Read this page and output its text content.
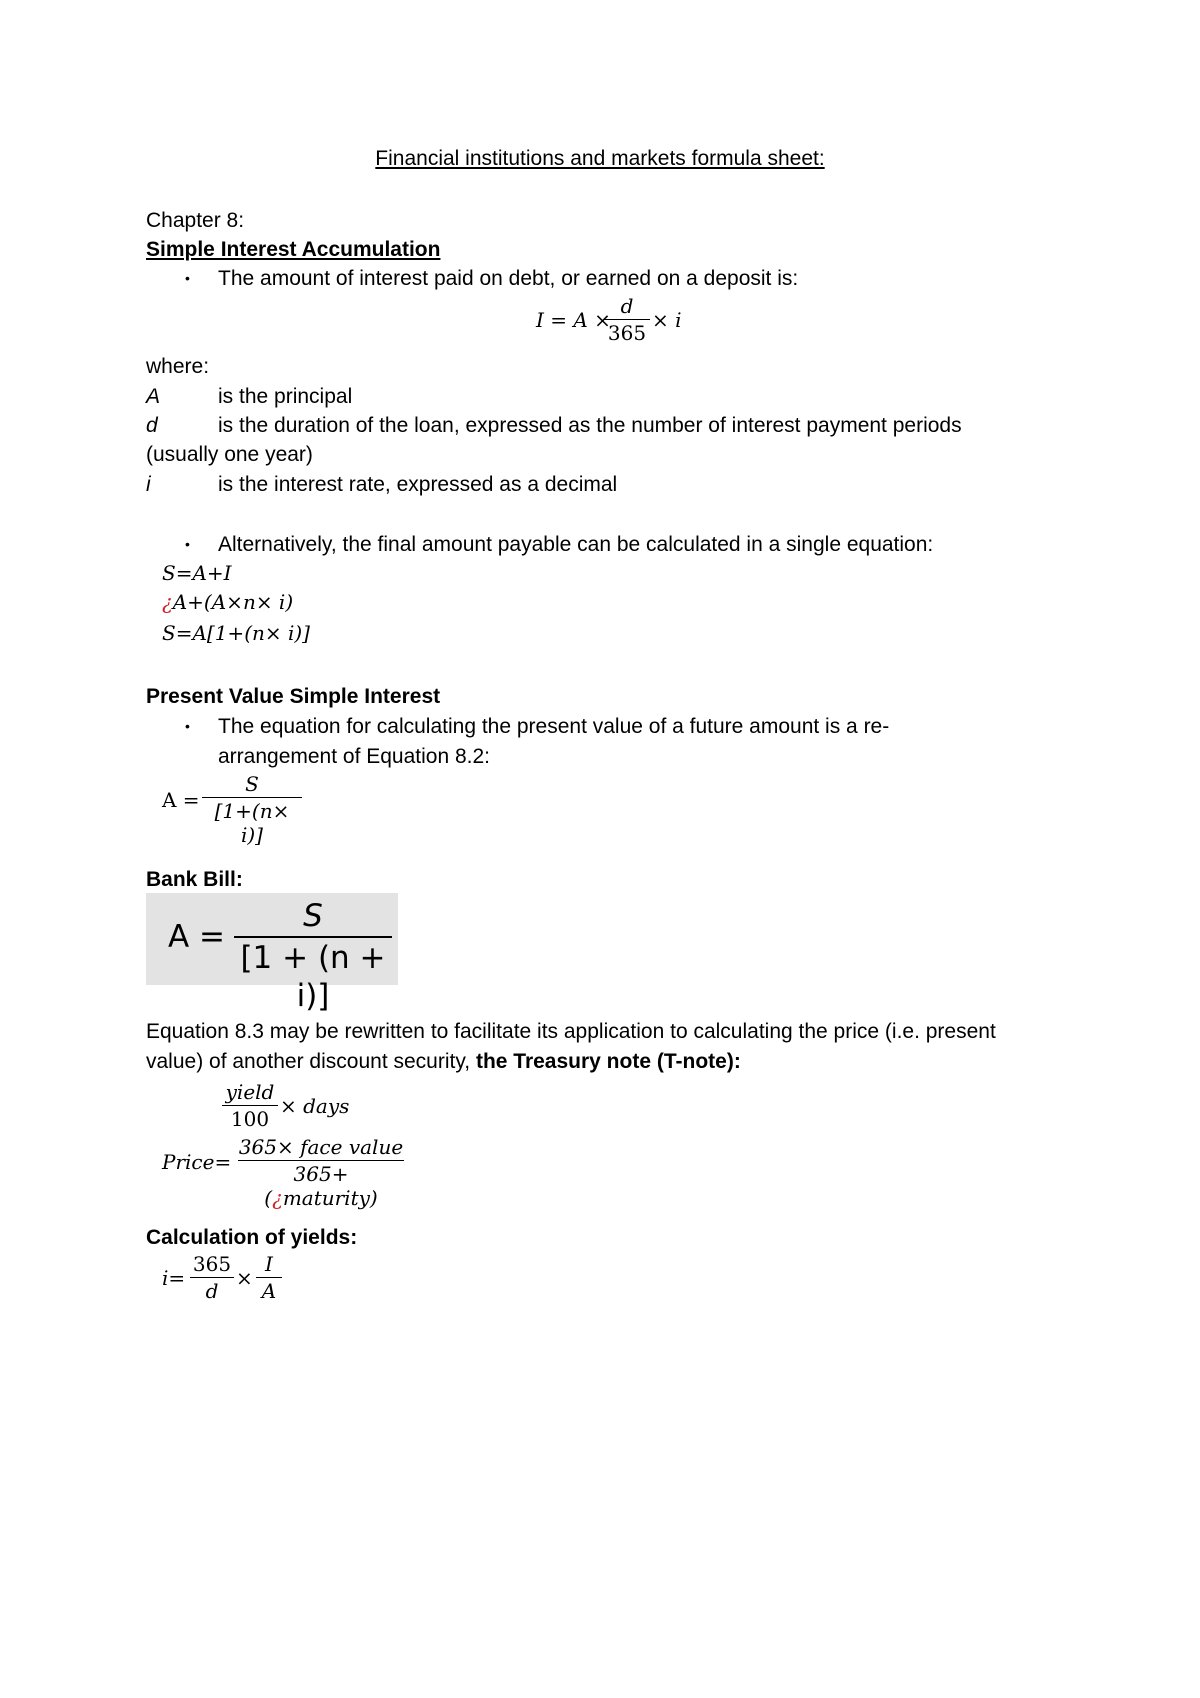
Financial institutions and markets formula sheet:
Chapter 8:
Simple Interest Accumulation
• The amount of interest paid on debt, or earned on a deposit is:
I = A ×
d
365
× i
where:
A	is the principal
d	is the duration of the loan, expressed as the number of interest payment periods
(usually one year)
i	is the interest rate, expressed as a decimal
• Alternatively, the final amount payable can be calculated in a single equation:
S=A+I
¿A+(A×n× i)
S=A[1+(n× i)]
Present Value Simple Interest
• The equation for calculating the present value of a future amount is a re-
arrangement of Equation 8.2:
A =
S
[1+(n× i)]
Bank Bill:
A =
S
[1 + (n + i)]
Equation 8.3 may be rewritten to facilitate its application to calculating the price (i.e. present
value) of another discount security, the Treasury note (T-note):
yield
100
× days
Price=
365× face value
365+(¿maturity)
Calculation of yields:
i=
365
d
×
I
A
